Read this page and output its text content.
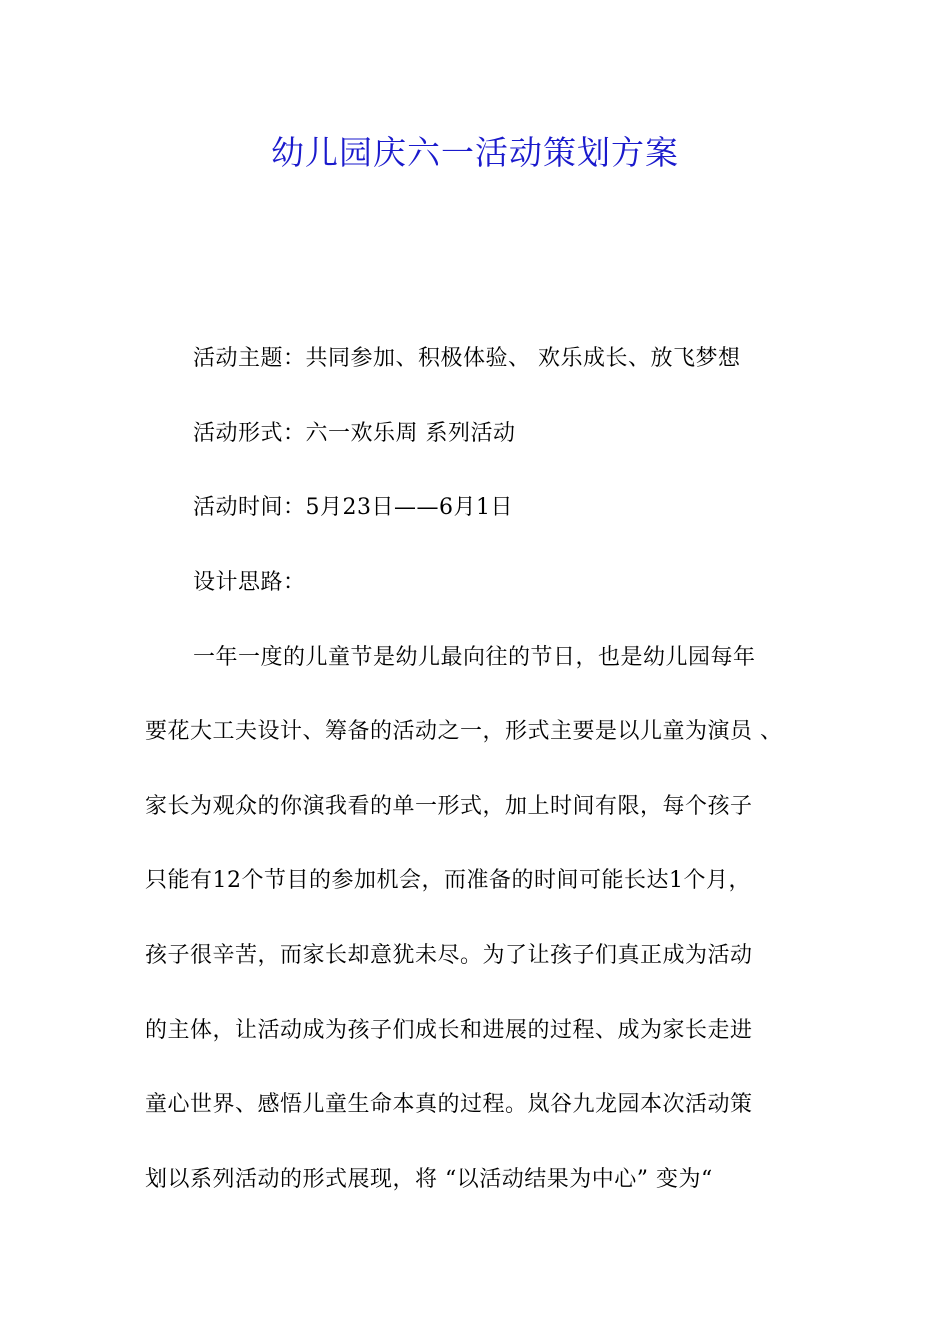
幼儿园庆六一活动策划方案
活动主题：共同参加、积极体验、 欢乐成长、放飞梦想
活动形式：六一欢乐周 系列活动
活动时间：5月23日——6月1日
设计思路：
一年一度的儿童节是幼儿最向往的节日，也是幼儿园每年
要花大工夫设计、筹备的活动之一，形式主要是以儿童为演员 、
家长为观众的你演我看的单一形式，加上时间有限，每个孩子
只能有12个节目的参加机会，而准备的时间可能长达1个月，
孩子很辛苦，而家长却意犹未尽。为了让孩子们真正成为活动
的主体，让活动成为孩子们成长和进展的过程、成为家长走进
童心世界、感悟儿童生命本真的过程。岚谷九龙园本次活动策
划以系列活动的形式展现，将 “以活动结果为中心” 变为“
